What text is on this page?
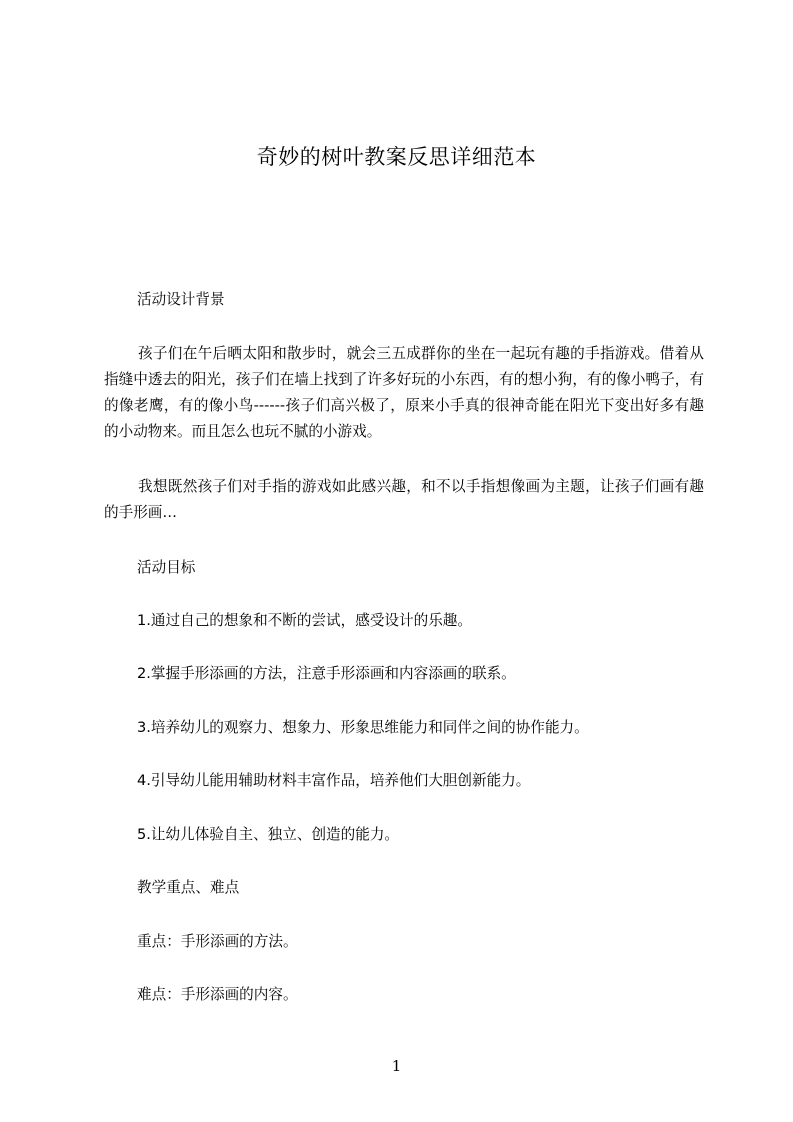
奇妙的树叶教案反思详细范本
活动设计背景

孩子们在午后晒太阳和散步时，就会三五成群你的坐在一起玩有趣的手指游戏。借着从指缝中透去的阳光，孩子们在墙上找到了许多好玩的小东西，有的想小狗，有的像小鸭子，有的像老鹰，有的像小鸟------孩子们高兴极了，原来小手真的很神奇能在阳光下变出好多有趣的小动物来。而且怎么也玩不腻的小游戏。

我想既然孩子们对手指的游戏如此感兴趣，和不以手指想像画为主题，让孩子们画有趣的手形画…

活动目标
1.通过自己的想象和不断的尝试，感受设计的乐趣。
2.掌握手形添画的方法，注意手形添画和内容添画的联系。
3.培养幼儿的观察力、想象力、形象思维能力和同伴之间的协作能力。
4.引导幼儿能用辅助材料丰富作品，培养他们大胆创新能力。
5.让幼儿体验自主、独立、创造的能力。
教学重点、难点
重点：手形添画的方法。
难点：手形添画的内容。
1
